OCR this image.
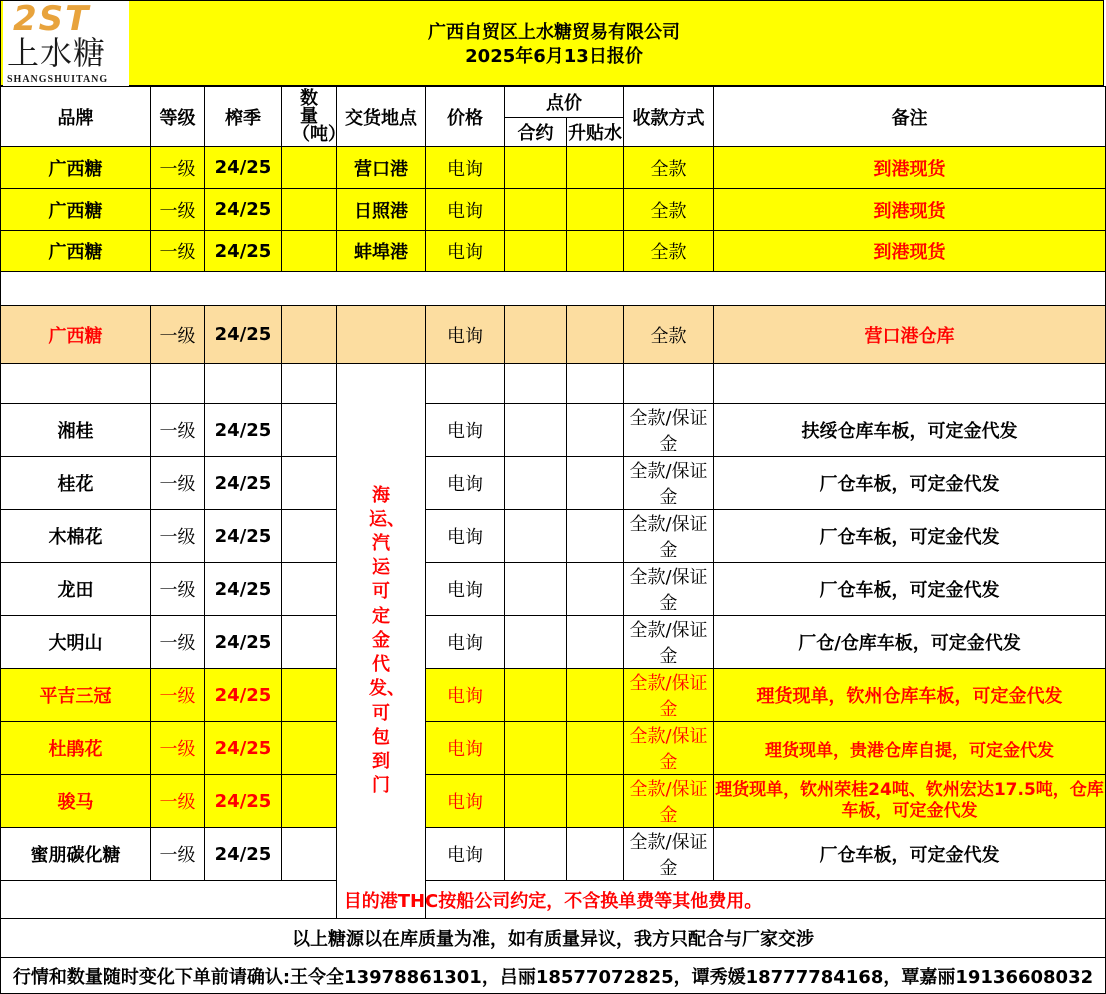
2ST
上水糖
SHANGSHUITANG
广西自贸区上水糖贸易有限公司
2025年6月13日报价
品牌	等级	榨季	数量（吨）	交货地点	价格	点价		收款方式	备注
						合约	升贴水		
广西糖	一级	24/25		营口港	电询			全款	到港现货
广西糖	一级	24/25		日照港	电询			全款	到港现货
广西糖	一级	24/25		蚌埠港	电询			全款	到港现货

广西糖	一级	24/25			电询			全款	营口港仓库

				海运、汽运可定金代发、可包到门					

湘桂	一级	24/25			电询			全款/保证金	扶绥仓库车板，可定金代发
桂花	一级	24/25			电询			全款/保证金	厂仓车板，可定金代发
木棉花	一级	24/25			电询			全款/保证金	厂仓车板，可定金代发
龙田	一级	24/25			电询			全款/保证金	厂仓车板，可定金代发
大明山	一级	24/25			电询			全款/保证金	厂仓/仓库车板，可定金代发
平吉三冠	一级	24/25			电询			全款/保证金	理货现单，钦州仓库车板，可定金代发
杜鹃花	一级	24/25			电询			全款/保证金	理货现单，贵港仓库自提，可定金代发
骏马	一级	24/25			电询			全款/保证金	理货现单，钦州荣桂24吨、钦州宏达17.5吨，仓库车板，可定金代发
蜜朋碳化糖	一级	24/25			电询			全款/保证金	厂仓车板，可定金代发
目的港THC按船公司约定，不含换单费等其他费用。									
以上糖源以在库质量为准，如有质量异议，我方只配合与厂家交涉									
行情和数量随时变化下单前请确认:王令全13978861301，吕丽18577072825，谭秀媛18777784168，覃嘉丽19136608032									
